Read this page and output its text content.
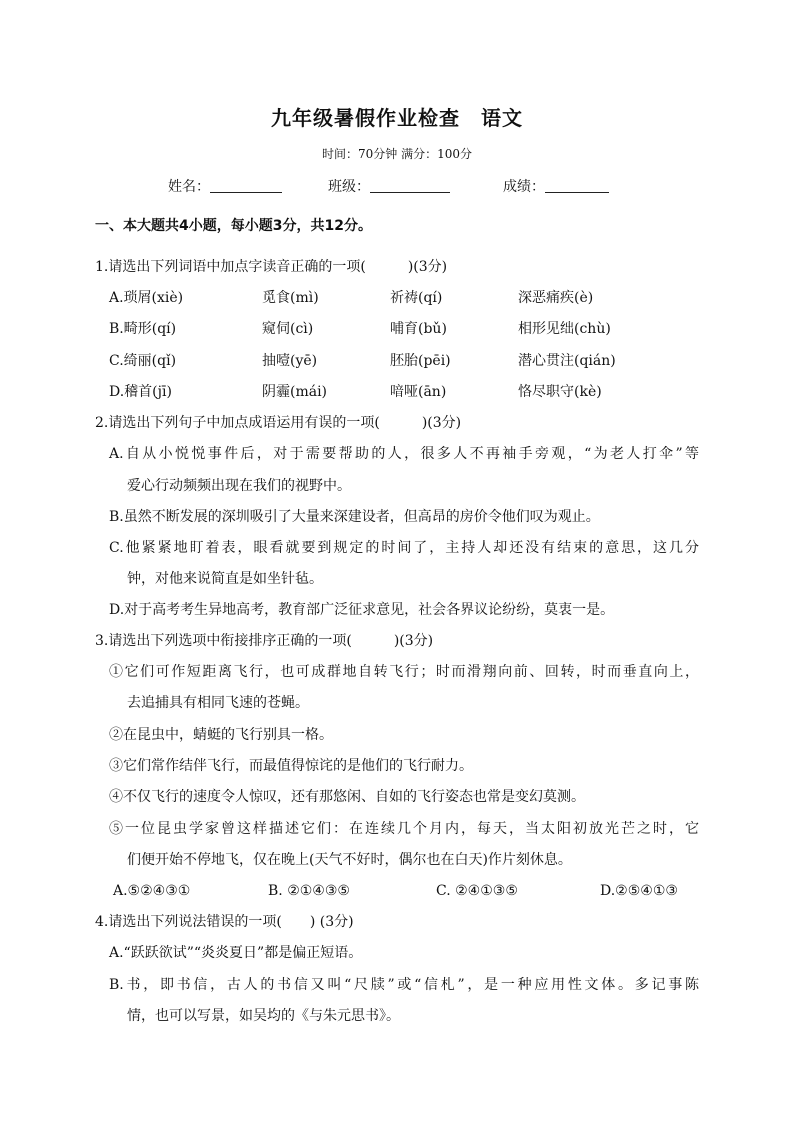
九年级暑假作业检查　语文
时间：70分钟 满分：100分
姓名：	班级：	成绩：
一、本大题共4小题，每小题3分，共12分。
1.请选出下列词语中加点字读音正确的一项(　　　)(3分)
A.琐屑(xiè)	觅食(mì)	祈祷(qí)	深恶痛疾(è)
B.畸形(qí)	窥伺(cì)	哺育(bǔ)	相形见绌(chù)
C.绮丽(qǐ)	抽噎(yē)	胚胎(pēi)	潜心贯注(qián)
D.稽首(jī)	阴霾(mái)	喑哑(ān)	恪尽职守(kè)
2.请选出下列句子中加点成语运用有误的一项(　　　)(3分)
A.自从小悦悦事件后，对于需要帮助的人，很多人不再袖手旁观，“为老人打伞”等
爱心行动频频出现在我们的视野中。
B.虽然不断发展的深圳吸引了大量来深建设者，但高昂的房价令他们叹为观止。
C.他紧紧地盯着表，眼看就要到规定的时间了，主持人却还没有结束的意思，这几分
钟，对他来说简直是如坐针毡。
D.对于高考考生异地高考，教育部广泛征求意见，社会各界议论纷纷，莫衷一是。
3.请选出下列选项中衔接排序正确的一项(　　　)(3分)
①它们可作短距离飞行，也可成群地自转飞行；时而滑翔向前、回转，时而垂直向上，
去追捕具有相同飞速的苍蝇。
②在昆虫中，蜻蜓的飞行别具一格。
③它们常作结伴飞行，而最值得惊诧的是他们的飞行耐力。
④不仅飞行的速度令人惊叹，还有那悠闲、自如的飞行姿态也常是变幻莫测。
⑤一位昆虫学家曾这样描述它们：在连续几个月内，每天，当太阳初放光芒之时，它
们便开始不停地飞，仅在晚上(天气不好时，偶尔也在白天)作片刻休息。
A.⑤②④③①	B. ②①④③⑤	C. ②④①③⑤	D.②⑤④①③
4.请选出下列说法错误的一项(　　) (3分)
A.“跃跃欲试”“炎炎夏日”都是偏正短语。
B.书，即书信，古人的书信又叫“尺牍”或“信札”，是一种应用性文体。多记事陈
情，也可以写景，如吴均的《与朱元思书》。
